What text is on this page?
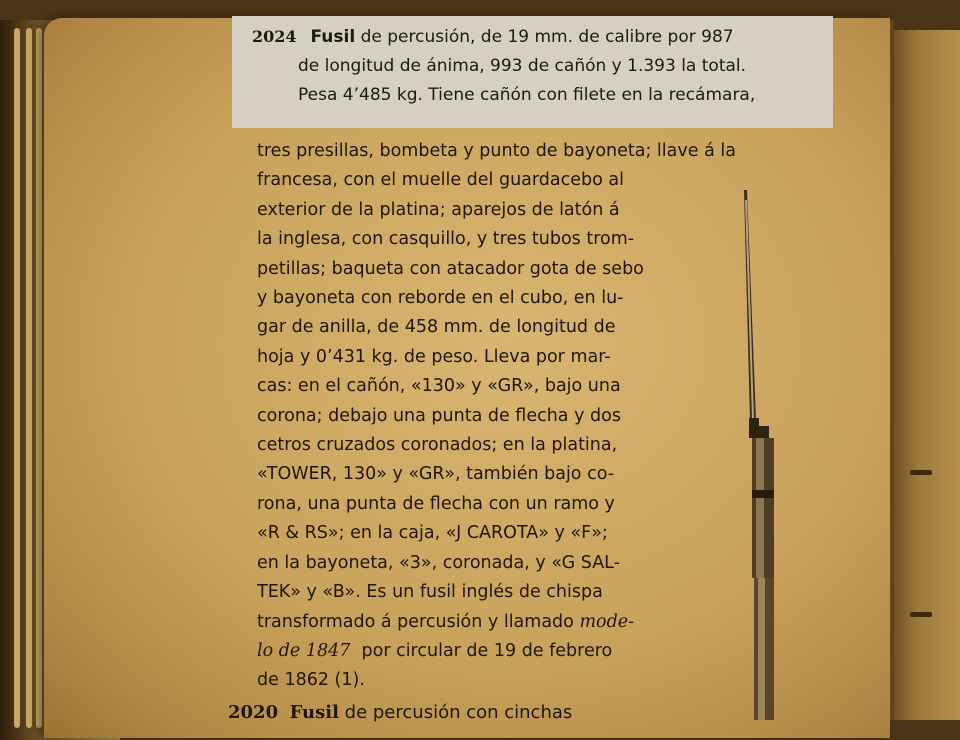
2024 Fusil de percusión, de 19 mm. de calibre por 987
de longitud de ánima, 993 de cañón y 1.393 la total.
Pesa 4’485 kg. Tiene cañón con filete en la recámara,
tres presillas, bombeta y punto de bayoneta; llave á la
francesa, con el muelle del guardacebo al
exterior de la platina; aparejos de latón á
la inglesa, con casquillo, y tres tubos trom-
petillas; baqueta con atacador gota de sebo
y bayoneta con reborde en el cubo, en lu-
gar de anilla, de 458 mm. de longitud de
hoja y 0’431 kg. de peso. Lleva por mar-
cas: en el cañón, «130» y «GR», bajo una
corona; debajo una punta de flecha y dos
cetros cruzados coronados; en la platina,
«TOWER, 130» y «GR», también bajo co-
rona, una punta de flecha con un ramo y
«R & RS»; en la caja, «J CAROTA» y «F»;
en la bayoneta, «3», coronada, y «G SAL-
TEK» y «B». Es un fusil inglés de chispa
transformado á percusión y llamado mode-
lo de 1847 por circular de 19 de febrero
de 1862 (1).
2020 Fusil de percusión con cinchas
